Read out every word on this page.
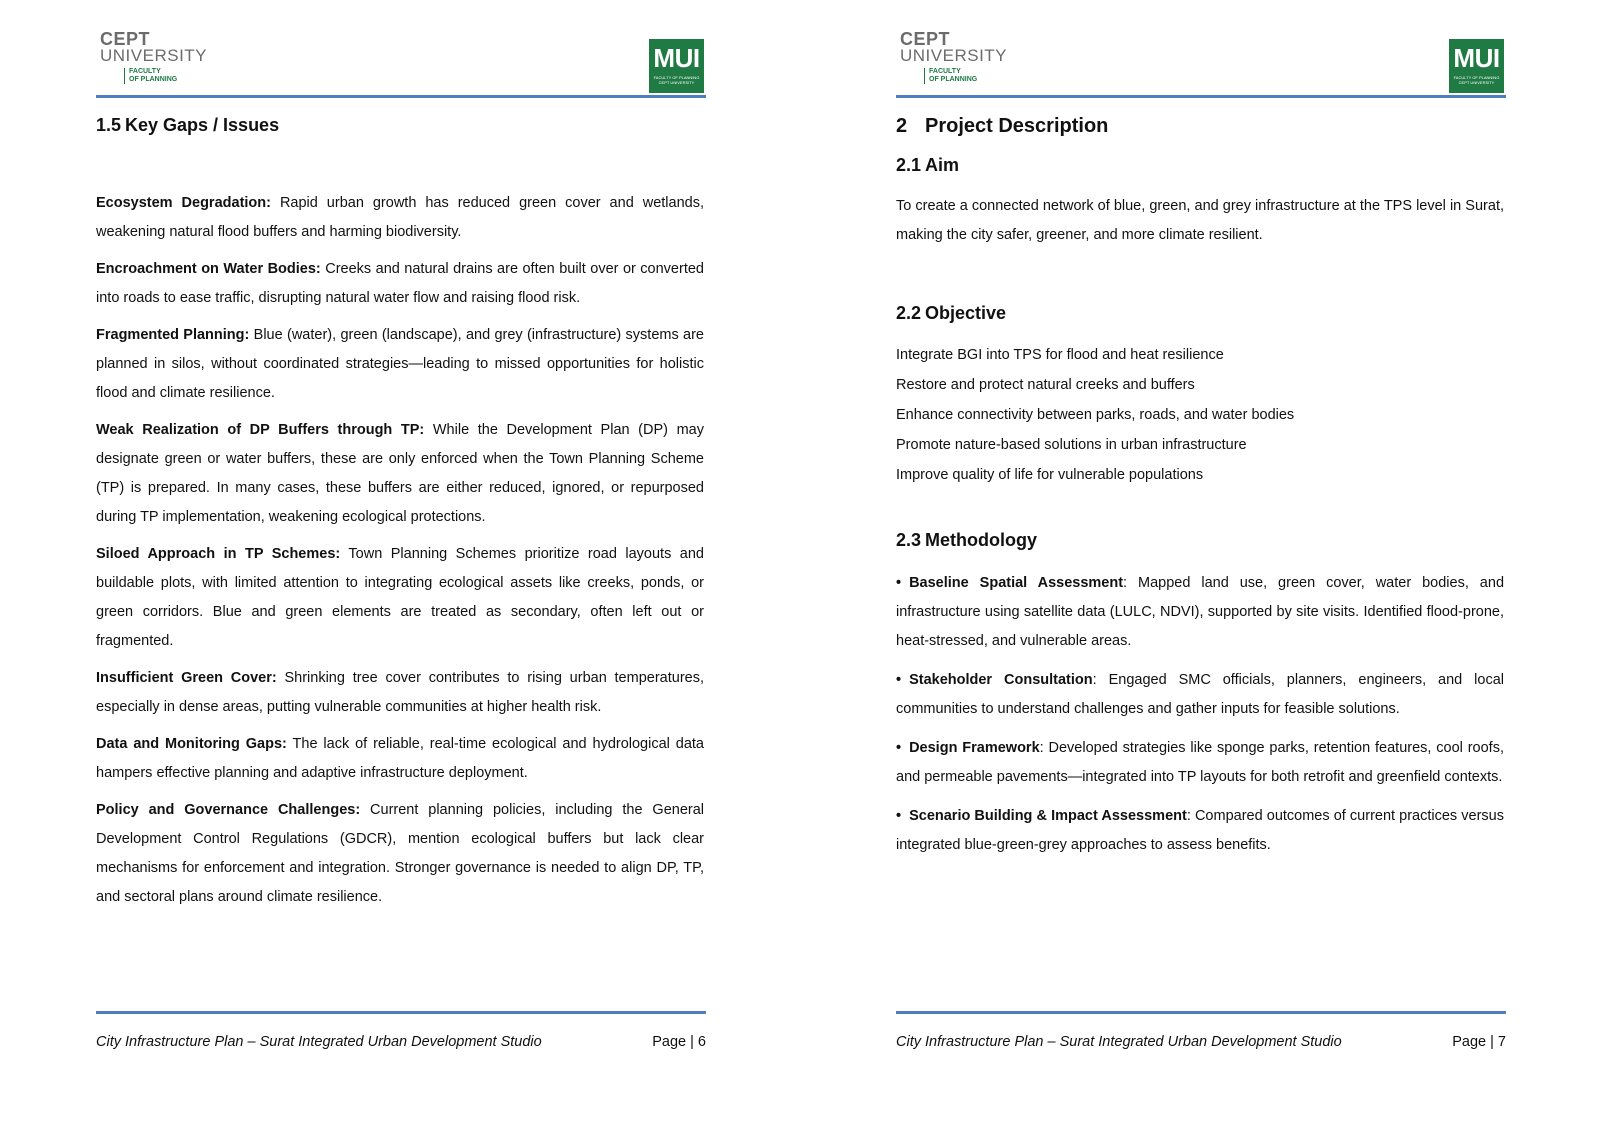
CEPT
UNIVERSITY
FACULTY
OF PLANNING
MUI
FACULTY OF PLANNING
CEPT UNIVERSITY
1.5 Key Gaps / Issues

Ecosystem Degradation: Rapid urban growth has reduced green cover and wetlands, weakening natural flood buffers and harming biodiversity.

Encroachment on Water Bodies: Creeks and natural drains are often built over or converted into roads to ease traffic, disrupting natural water flow and raising flood risk.

Fragmented Planning: Blue (water), green (landscape), and grey (infrastructure) systems are planned in silos, without coordinated strategies—leading to missed opportunities for holistic flood and climate resilience.

Weak Realization of DP Buffers through TP: While the Development Plan (DP) may designate green or water buffers, these are only enforced when the Town Planning Scheme (TP) is prepared. In many cases, these buffers are either reduced, ignored, or repurposed during TP implementation, weakening ecological protections.

Siloed Approach in TP Schemes: Town Planning Schemes prioritize road layouts and buildable plots, with limited attention to integrating ecological assets like creeks, ponds, or green corridors. Blue and green elements are treated as secondary, often left out or fragmented.

Insufficient Green Cover: Shrinking tree cover contributes to rising urban temperatures, especially in dense areas, putting vulnerable communities at higher health risk.

Data and Monitoring Gaps: The lack of reliable, real-time ecological and hydrological data hampers effective planning and adaptive infrastructure deployment.

Policy and Governance Challenges: Current planning policies, including the General Development Control Regulations (GDCR), mention ecological buffers but lack clear mechanisms for enforcement and integration. Stronger governance is needed to align DP, TP, and sectoral plans around climate resilience.

City Infrastructure Plan – Surat Integrated Urban Development Studio	Page | 6
CEPT
UNIVERSITY
FACULTY
OF PLANNING
MUI
FACULTY OF PLANNING
CEPT UNIVERSITY
2 Project Description
2.1 Aim

To create a connected network of blue, green, and grey infrastructure at the TPS level in Surat, making the city safer, greener, and more climate resilient.

2.2 Objective
Integrate BGI into TPS for flood and heat resilience
Restore and protect natural creeks and buffers
Enhance connectivity between parks, roads, and water bodies
Promote nature-based solutions in urban infrastructure
Improve quality of life for vulnerable populations
2.3 Methodology

• Baseline Spatial Assessment: Mapped land use, green cover, water bodies, and infrastructure using satellite data (LULC, NDVI), supported by site visits. Identified flood-prone, heat-stressed, and vulnerable areas.

• Stakeholder Consultation: Engaged SMC officials, planners, engineers, and local communities to understand challenges and gather inputs for feasible solutions.

• Design Framework: Developed strategies like sponge parks, retention features, cool roofs, and permeable pavements—integrated into TP layouts for both retrofit and greenfield contexts.

• Scenario Building & Impact Assessment: Compared outcomes of current practices versus integrated blue-green-grey approaches to assess benefits.

City Infrastructure Plan – Surat Integrated Urban Development Studio	Page | 7
